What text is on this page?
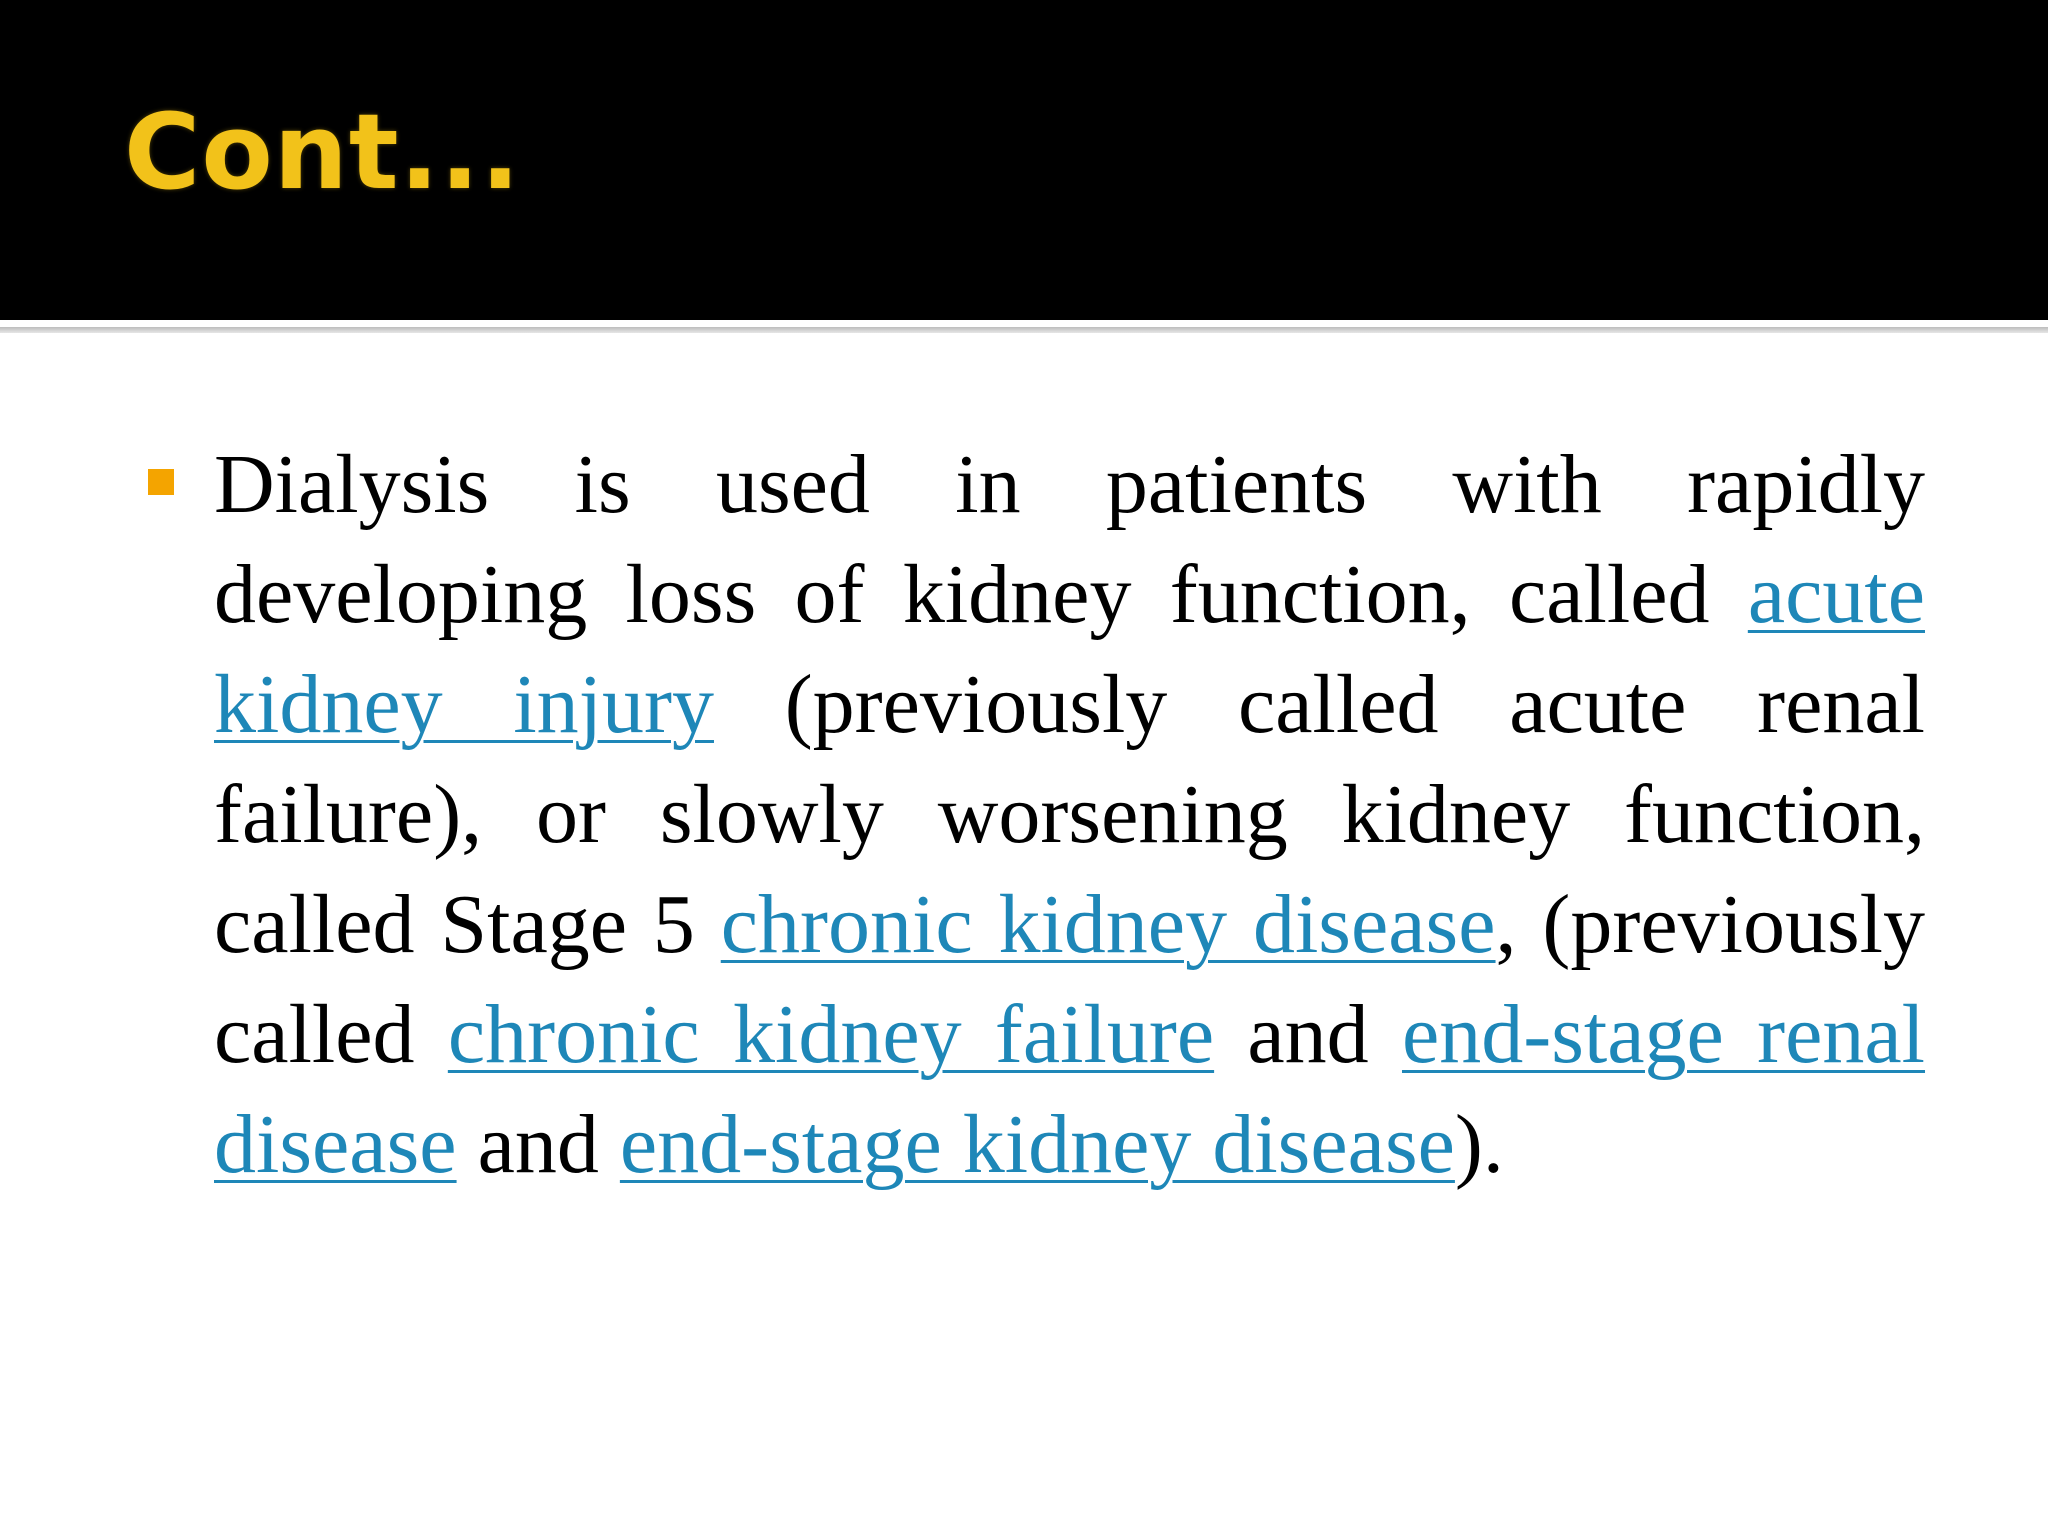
Cont...

Dialysis is used in patients with rapidly developing loss of kidney function, called acute kidney injury (previously called acute renal failure), or slowly worsening kidney function, called Stage 5 chronic kidney disease, (previously called chronic kidney failure and end-stage renal disease and end-stage kidney disease).
